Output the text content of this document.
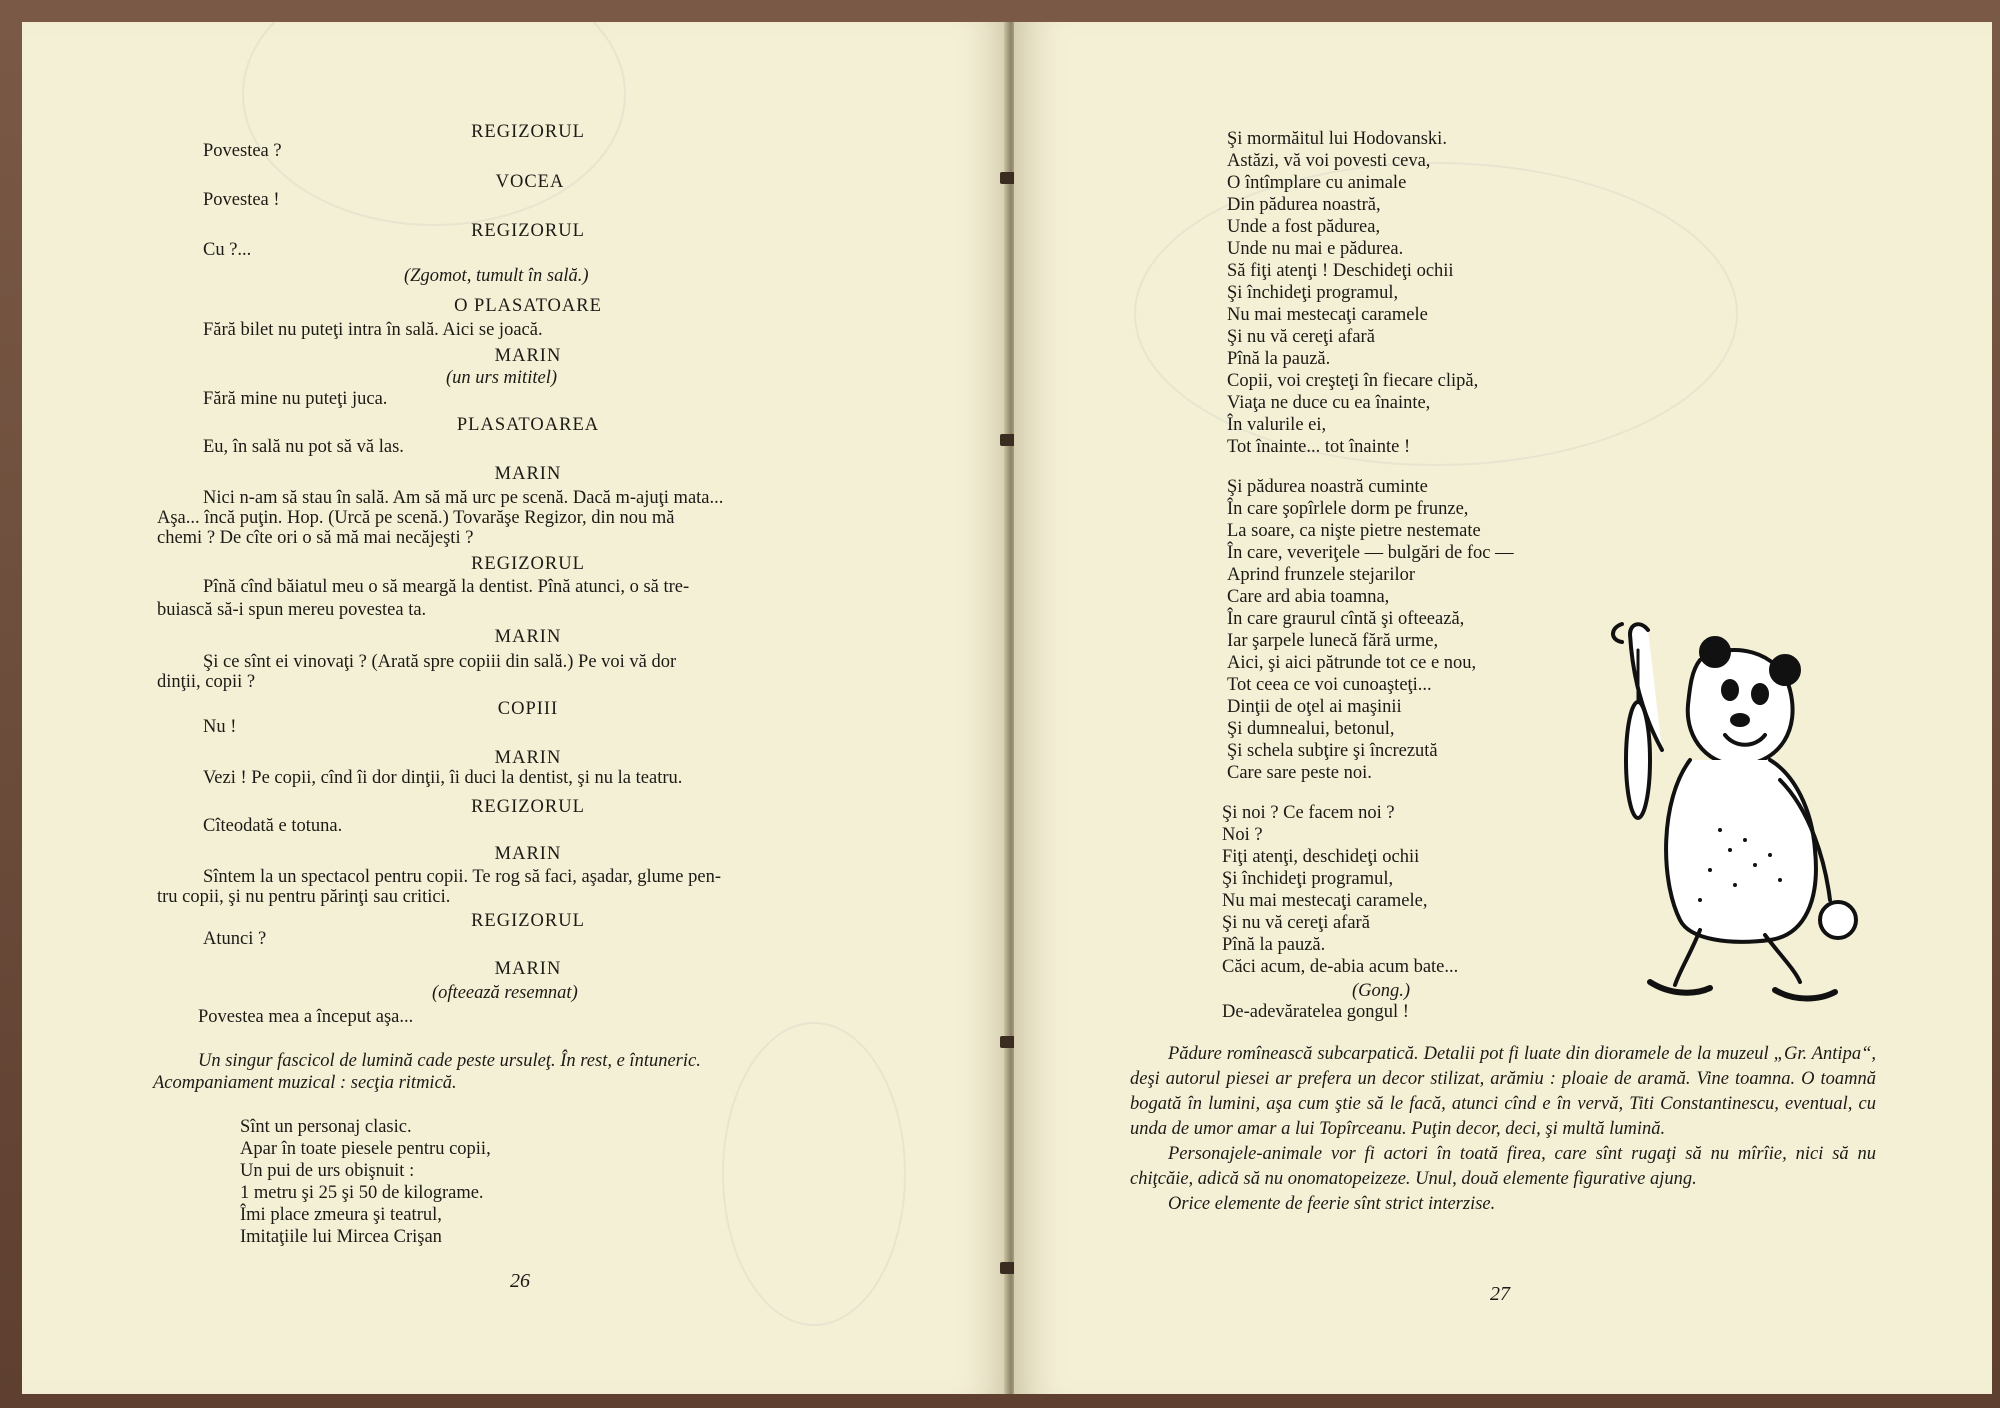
REGIZORUL
Povestea ?
VOCEA
Povestea !
REGIZORUL
Cu ?...
(Zgomot, tumult în sală.)
O PLASATOARE
Fără bilet nu puteţi intra în sală. Aici se joacă.
MARIN
(un urs mititel)
Fără mine nu puteţi juca.
PLASATOAREA
Eu, în sală nu pot să vă las.
MARIN
Nici n-am să stau în sală. Am să mă urc pe scenă. Dacă m-ajuţi mata...
Aşa... încă puţin. Hop. (Urcă pe scenă.) Tovarăşe Regizor, din nou mă
chemi ? De cîte ori o să mă mai necăjeşti ?
REGIZORUL
Pînă cînd băiatul meu o să meargă la dentist. Pînă atunci, o să tre-
buiască să-i spun mereu povestea ta.
MARIN
Şi ce sînt ei vinovaţi ? (Arată spre copiii din sală.) Pe voi vă dor
dinţii, copii ?
COPIII
Nu !
MARIN
Vezi ! Pe copii, cînd îi dor dinţii, îi duci la dentist, şi nu la teatru.
REGIZORUL
Cîteodată e totuna.
MARIN
Sîntem la un spectacol pentru copii. Te rog să faci, aşadar, glume pen-
tru copii, şi nu pentru părinţi sau critici.
REGIZORUL
Atunci ?
MARIN
(ofteează resemnat)
Povestea mea a început aşa...
Un singur fascicol de lumină cade peste ursuleţ. În rest, e întuneric.
Acompaniament muzical : secţia ritmică.
Sînt un personaj clasic.
Apar în toate piesele pentru copii,
Un pui de urs obişnuit :
1 metru şi 25 şi 50 de kilograme.
Îmi place zmeura şi teatrul,
Imitaţiile lui Mircea Crişan
26
Şi mormăitul lui Hodovanski.
Astăzi, vă voi povesti ceva,
O întîmplare cu animale
Din pădurea noastră,
Unde a fost pădurea,
Unde nu mai e pădurea.
Să fiţi atenţi ! Deschideţi ochii
Şi închideţi programul,
Nu mai mestecaţi caramele
Şi nu vă cereţi afară
Pînă la pauză.
Copii, voi creşteţi în fiecare clipă,
Viaţa ne duce cu ea înainte,
În valurile ei,
Tot înainte... tot înainte !
Şi pădurea noastră cuminte
În care şopîrlele dorm pe frunze,
La soare, ca nişte pietre nestemate
În care, veveriţele — bulgări de foc —
Aprind frunzele stejarilor
Care ard abia toamna,
În care graurul cîntă şi ofteează,
Iar şarpele lunecă fără urme,
Aici, şi aici pătrunde tot ce e nou,
Tot ceea ce voi cunoaşteţi...
Dinţii de oţel ai maşinii
Şi dumnealui, betonul,
Şi schela subţire şi încrezută
Care sare peste noi.
Şi noi ? Ce facem noi ?
Noi ?
Fiţi atenţi, deschideţi ochii
Şi închideţi programul,
Nu mai mestecaţi caramele,
Şi nu vă cereţi afară
Pînă la pauză.
Căci acum, de-abia acum bate...
(Gong.)
De-adevăratelea gongul !

Pădure romînească subcarpatică. Detalii pot fi luate din dioramele de la muzeul „Gr. Antipa“, deşi autorul piesei ar prefera un decor stilizat, arămiu : ploaie de aramă. Vine toamna. O toamnă bogată în lumini, aşa cum ştie să le facă, atunci cînd e în vervă, Titi Constantinescu, eventual, cu unda de umor amar a lui Topîrceanu. Puţin decor, deci, şi multă lumină.

Personajele-animale vor fi actori în toată firea, care sînt rugaţi să nu mîrîie, nici să nu chiţcăie, adică să nu onomatopeizeze. Unul, două elemente figurative ajung.

Orice elemente de feerie sînt strict interzise.

27
